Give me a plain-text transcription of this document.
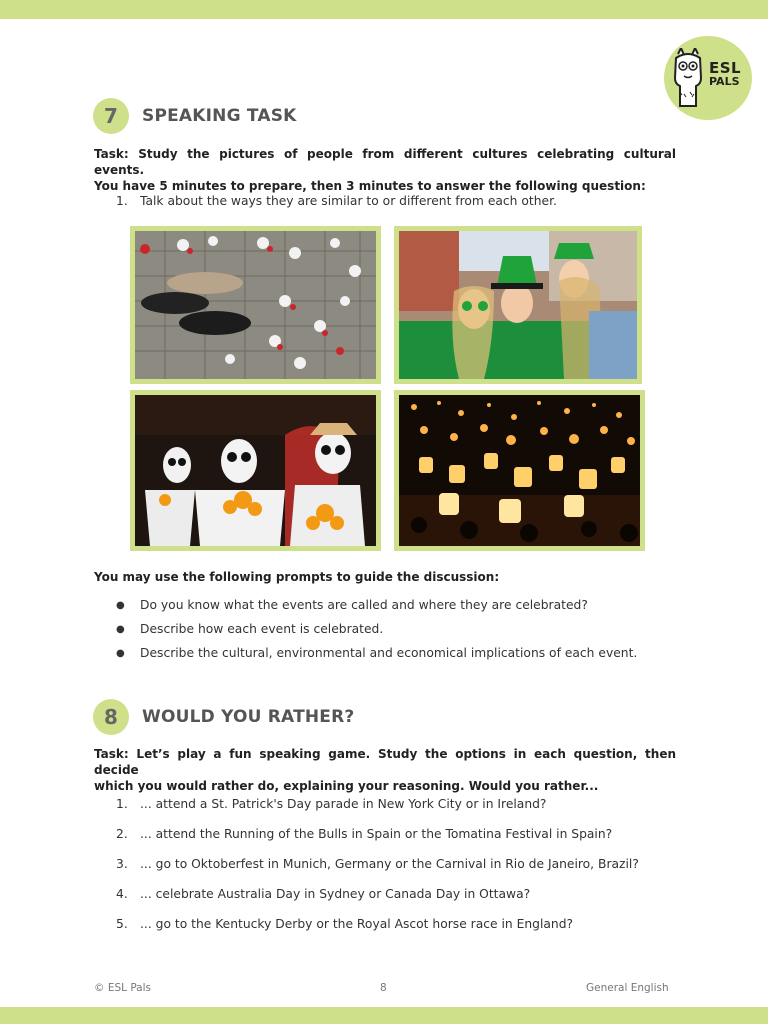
ESL
PALS
7	SPEAKING TASK
Task: Study the pictures of people from different cultures celebrating cultural events.
You have 5 minutes to prepare, then 3 minutes to answer the following question:
1. Talk about the ways they are similar to or different from each other.
You may use the following prompts to guide the discussion:
● Do you know what the events are called and where they are celebrated?
● Describe how each event is celebrated.
● Describe the cultural, environmental and economical implications of each event.
8	WOULD YOU RATHER?
Task: Let’s play a fun speaking game. Study the options in each question, then decide
which you would rather do, explaining your reasoning. Would you rather...
1. ... attend a St. Patrick's Day parade in New York City or in Ireland?
2. ... attend the Running of the Bulls in Spain or the Tomatina Festival in Spain?
3. ... go to Oktoberfest in Munich, Germany or the Carnival in Rio de Janeiro, Brazil?
4. ... celebrate Australia Day in Sydney or Canada Day in Ottawa?
5. ... go to the Kentucky Derby or the Royal Ascot horse race in England?
© ESL Pals	8	General English
